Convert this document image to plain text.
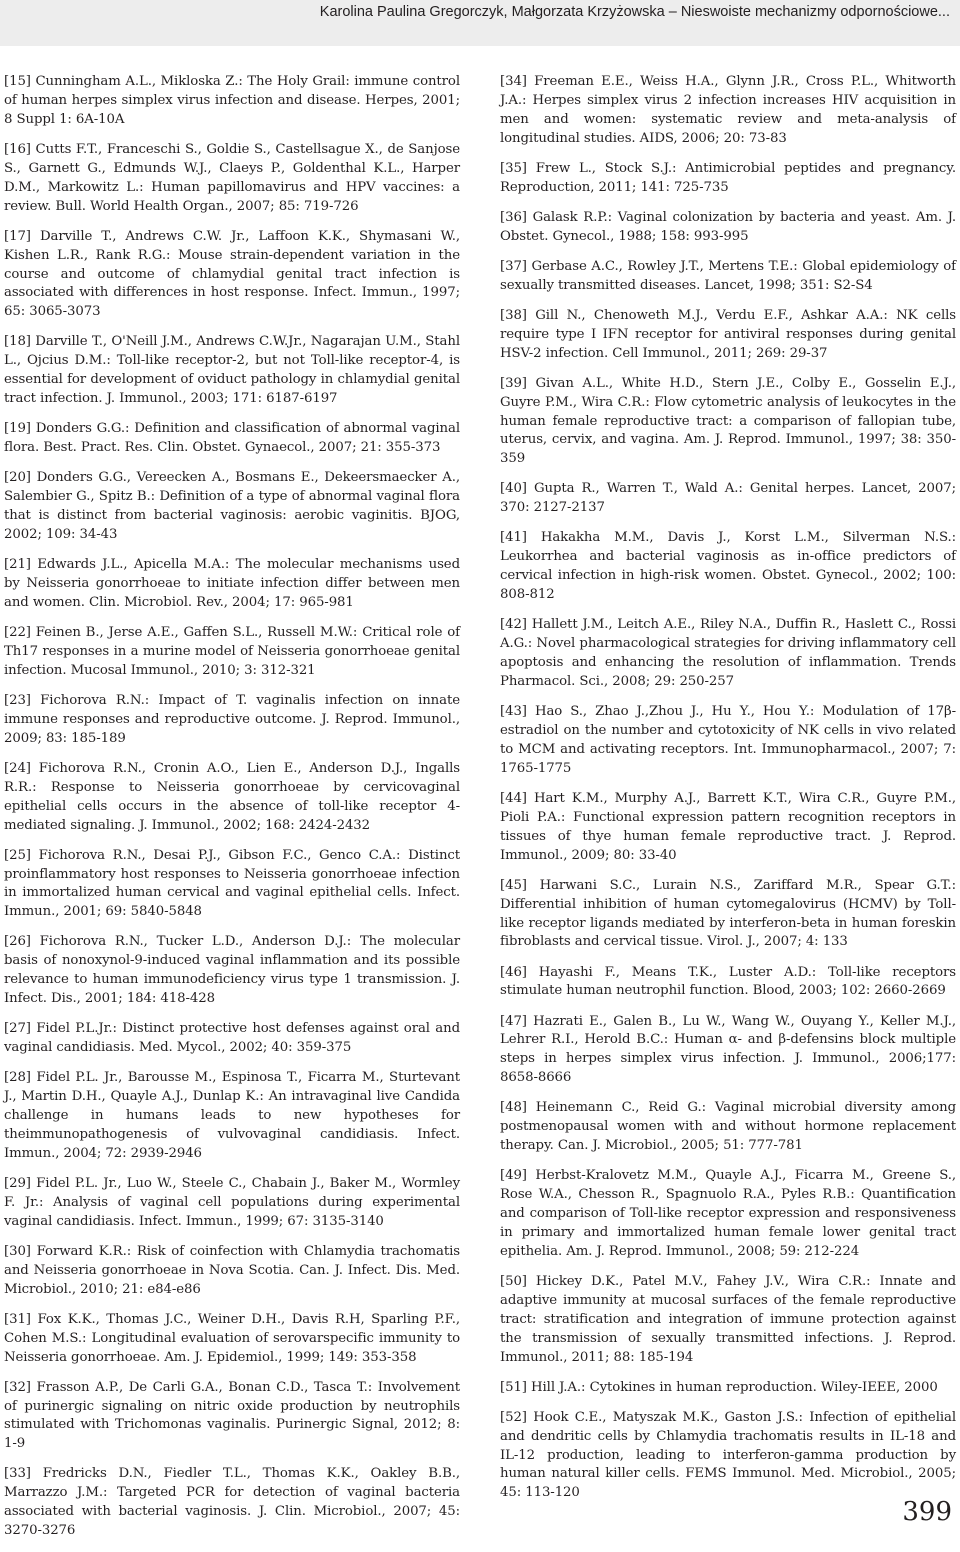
Karolina Paulina Gregorczyk, Małgorzata Krzyżowska – Nieswoiste mechanizmy odpornościowe...

[15] Cunningham A.L., Mikloska Z.: The Holy Grail: immune control of human herpes simplex virus infection and disease. Herpes, 2001; 8 Suppl 1: 6A-10A

[16] Cutts F.T., Franceschi S., Goldie S., Castellsague X., de Sanjose S., Garnett G., Edmunds W.J., Claeys P., Goldenthal K.L., Harper D.M., Markowitz L.: Human papillomavirus and HPV vaccines: a review. Bull. World Health Organ., 2007; 85: 719-726

[17] Darville T., Andrews C.W. Jr., Laffoon K.K., Shymasani W., Kishen L.R., Rank R.G.: Mouse strain-dependent variation in the course and outcome of chlamydial genital tract infection is associated with differences in host response. Infect. Immun., 1997; 65: 3065-3073

[18] Darville T., O'Neill J.M., Andrews C.W.Jr., Nagarajan U.M., Stahl L., Ojcius D.M.: Toll-like receptor-2, but not Toll-like receptor-4, is essential for development of oviduct pathology in chlamydial genital tract infection. J. Immunol., 2003; 171: 6187-6197

[19] Donders G.G.: Definition and classification of abnormal vaginal flora. Best. Pract. Res. Clin. Obstet. Gynaecol., 2007; 21: 355-373

[20] Donders G.G., Vereecken A., Bosmans E., Dekeersmaecker A., Salembier G., Spitz B.: Definition of a type of abnormal vaginal flora that is distinct from bacterial vaginosis: aerobic vaginitis. BJOG, 2002; 109: 34-43

[21] Edwards J.L., Apicella M.A.: The molecular mechanisms used by Neisseria gonorrhoeae to initiate infection differ between men and women. Clin. Microbiol. Rev., 2004; 17: 965-981

[22] Feinen B., Jerse A.E., Gaffen S.L., Russell M.W.: Critical role of Th17 responses in a murine model of Neisseria gonorrhoeae genital infection. Mucosal Immunol., 2010; 3: 312-321

[23] Fichorova R.N.: Impact of T. vaginalis infection on innate immune responses and reproductive outcome. J. Reprod. Immunol., 2009; 83: 185-189

[24] Fichorova R.N., Cronin A.O., Lien E., Anderson D.J., Ingalls R.R.: Response to Neisseria gonorrhoeae by cervicovaginal epithelial cells occurs in the absence of toll-like receptor 4-mediated signaling. J. Immunol., 2002; 168: 2424-2432

[25] Fichorova R.N., Desai P.J., Gibson F.C., Genco C.A.: Distinct proinflammatory host responses to Neisseria gonorrhoeae infection in immortalized human cervical and vaginal epithelial cells. Infect. Immun., 2001; 69: 5840-5848

[26] Fichorova R.N., Tucker L.D., Anderson D.J.: The molecular basis of nonoxynol-9-induced vaginal inflammation and its possible relevance to human immunodeficiency virus type 1 transmission. J. Infect. Dis., 2001; 184: 418-428

[27] Fidel P.L.Jr.: Distinct protective host defenses against oral and vaginal candidiasis. Med. Mycol., 2002; 40: 359-375

[28] Fidel P.L. Jr., Barousse M., Espinosa T., Ficarra M., Sturtevant J., Martin D.H., Quayle A.J., Dunlap K.: An intravaginal live Candida challenge in humans leads to new hypotheses for theimmunopathogenesis of vulvovaginal candidiasis. Infect. Immun., 2004; 72: 2939-2946

[29] Fidel P.L. Jr., Luo W., Steele C., Chabain J., Baker M., Wormley F. Jr.: Analysis of vaginal cell populations during experimental vaginal candidiasis. Infect. Immun., 1999; 67: 3135-3140

[30] Forward K.R.: Risk of coinfection with Chlamydia trachomatis and Neisseria gonorrhoeae in Nova Scotia. Can. J. Infect. Dis. Med. Microbiol., 2010; 21: e84-e86

[31] Fox K.K., Thomas J.C., Weiner D.H., Davis R.H, Sparling P.F., Cohen M.S.: Longitudinal evaluation of serovarspecific immunity to Neisseria gonorrhoeae. Am. J. Epidemiol., 1999; 149: 353-358

[32] Frasson A.P., De Carli G.A., Bonan C.D., Tasca T.: Involvement of purinergic signaling on nitric oxide production by neutrophils stimulated with Trichomonas vaginalis. Purinergic Signal, 2012; 8: 1-9

[33] Fredricks D.N., Fiedler T.L., Thomas K.K., Oakley B.B., Marrazzo J.M.: Targeted PCR for detection of vaginal bacteria associated with bacterial vaginosis. J. Clin. Microbiol., 2007; 45: 3270-3276

[34] Freeman E.E., Weiss H.A., Glynn J.R., Cross P.L., Whitworth J.A.: Herpes simplex virus 2 infection increases HIV acquisition in men and women: systematic review and meta-analysis of longitudinal studies. AIDS, 2006; 20: 73-83

[35] Frew L., Stock S.J.: Antimicrobial peptides and pregnancy. Reproduction, 2011; 141: 725-735

[36] Galask R.P.: Vaginal colonization by bacteria and yeast. Am. J. Obstet. Gynecol., 1988; 158: 993-995

[37] Gerbase A.C., Rowley J.T., Mertens T.E.: Global epidemiology of sexually transmitted diseases. Lancet, 1998; 351: S2-S4

[38] Gill N., Chenoweth M.J., Verdu E.F., Ashkar A.A.: NK cells require type I IFN receptor for antiviral responses during genital HSV-2 infection. Cell Immunol., 2011; 269: 29-37

[39] Givan A.L., White H.D., Stern J.E., Colby E., Gosselin E.J., Guyre P.M., Wira C.R.: Flow cytometric analysis of leukocytes in the human female reproductive tract: a comparison of fallopian tube, uterus, cervix, and vagina. Am. J. Reprod. Immunol., 1997; 38: 350-359

[40] Gupta R., Warren T., Wald A.: Genital herpes. Lancet, 2007; 370: 2127-2137

[41] Hakakha M.M., Davis J., Korst L.M., Silverman N.S.: Leukorrhea and bacterial vaginosis as in-office predictors of cervical infection in high-risk women. Obstet. Gynecol., 2002; 100: 808-812

[42] Hallett J.M., Leitch A.E., Riley N.A., Duffin R., Haslett C., Rossi A.G.: Novel pharmacological strategies for driving inflammatory cell apoptosis and enhancing the resolution of inflammation. Trends Pharmacol. Sci., 2008; 29: 250-257

[43] Hao S., Zhao J.,Zhou J., Hu Y., Hou Y.: Modulation of 17β-estradiol on the number and cytotoxicity of NK cells in vivo related to MCM and activating receptors. Int. Immunopharmacol., 2007; 7: 1765-1775

[44] Hart K.M., Murphy A.J., Barrett K.T., Wira C.R., Guyre P.M., Pioli P.A.: Functional expression pattern recognition receptors in tissues of thye human female reproductive tract. J. Reprod. Immunol., 2009; 80: 33-40

[45] Harwani S.C., Lurain N.S., Zariffard M.R., Spear G.T.: Differential inhibition of human cytomegalovirus (HCMV) by Toll-like receptor ligands mediated by interferon-beta in human foreskin fibroblasts and cervical tissue. Virol. J., 2007; 4: 133

[46] Hayashi F., Means T.K., Luster A.D.: Toll-like receptors stimulate human neutrophil function. Blood, 2003; 102: 2660-2669

[47] Hazrati E., Galen B., Lu W., Wang W., Ouyang Y., Keller M.J., Lehrer R.I., Herold B.C.: Human α- and β-defensins block multiple steps in herpes simplex virus infection. J. Immunol., 2006;177: 8658-8666

[48] Heinemann C., Reid G.: Vaginal microbial diversity among postmenopausal women with and without hormone replacement therapy. Can. J. Microbiol., 2005; 51: 777-781

[49] Herbst-Kralovetz M.M., Quayle A.J., Ficarra M., Greene S., Rose W.A., Chesson R., Spagnuolo R.A., Pyles R.B.: Quantification and comparison of Toll-like receptor expression and responsiveness in primary and immortalized human female lower genital tract epithelia. Am. J. Reprod. Immunol., 2008; 59: 212-224

[50] Hickey D.K., Patel M.V., Fahey J.V., Wira C.R.: Innate and adaptive immunity at mucosal surfaces of the female reproductive tract: stratification and integration of immune protection against the transmission of sexually transmitted infections. J. Reprod. Immunol., 2011; 88: 185-194

[51] Hill J.A.: Cytokines in human reproduction. Wiley-IEEE, 2000

[52] Hook C.E., Matyszak M.K., Gaston J.S.: Infection of epithelial and dendritic cells by Chlamydia trachomatis results in IL-18 and IL-12 production, leading to interferon-gamma production by human natural killer cells. FEMS Immunol. Med. Microbiol., 2005; 45: 113-120

399
